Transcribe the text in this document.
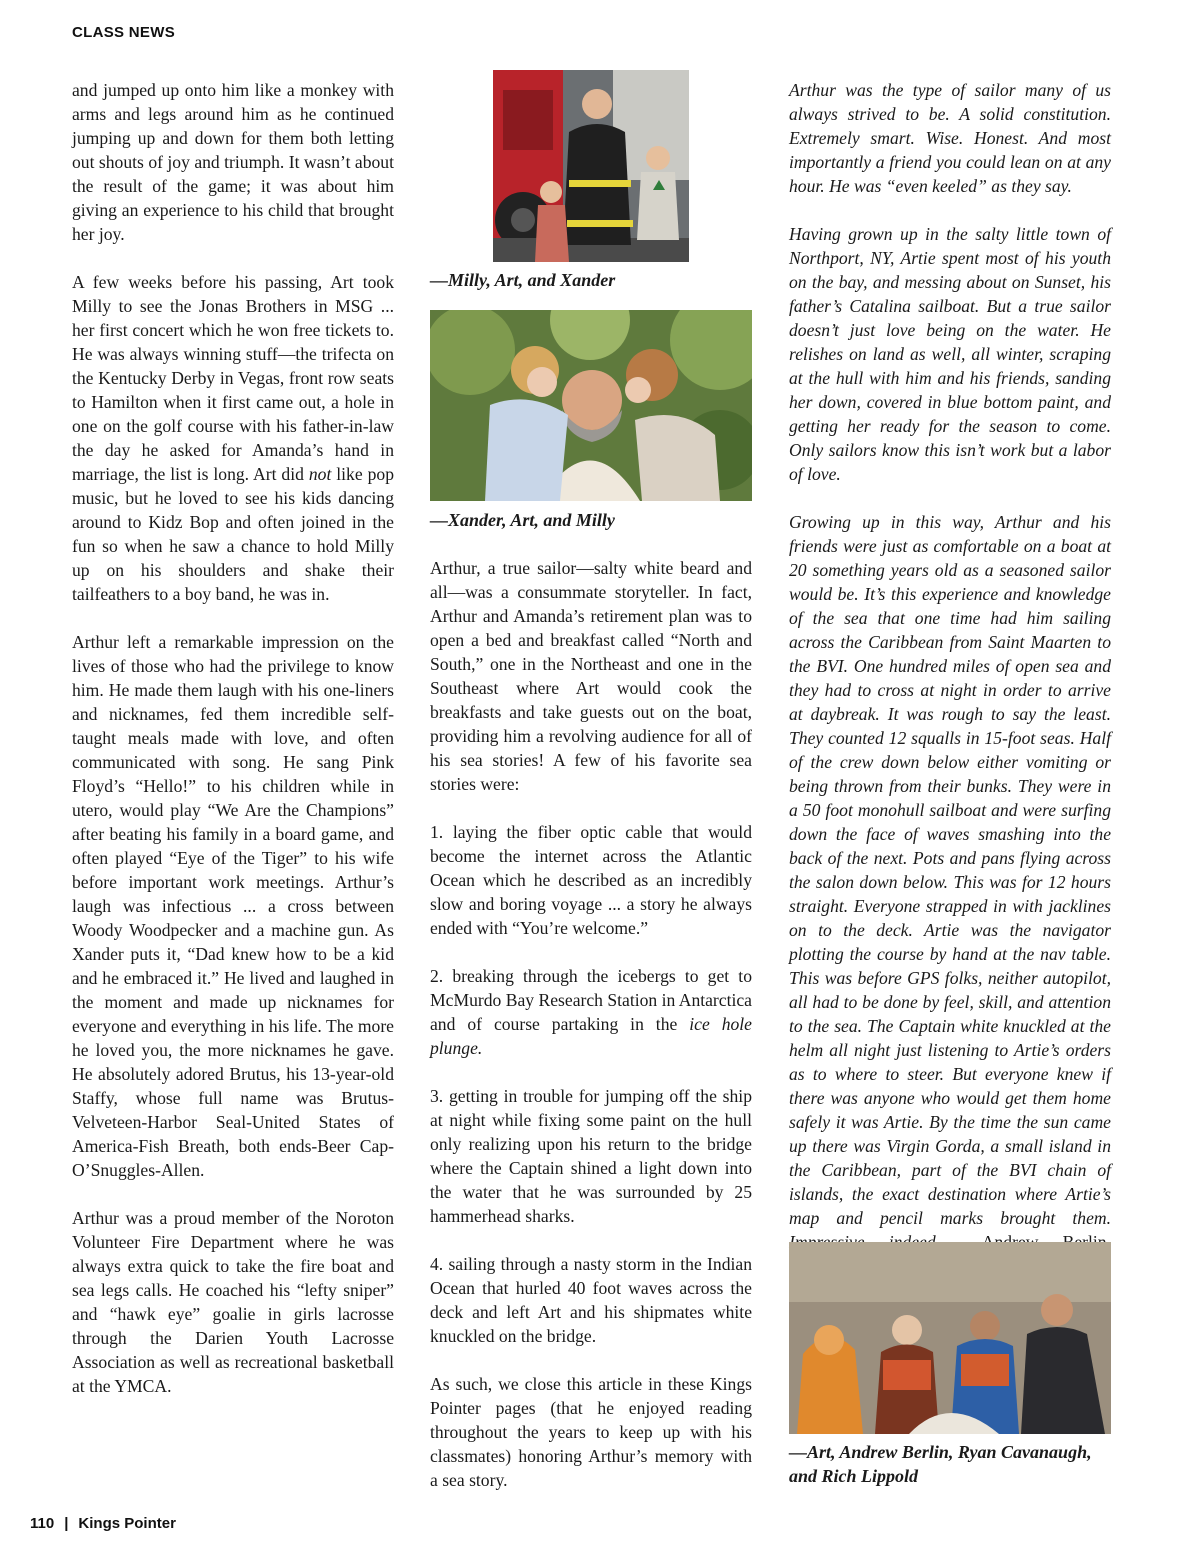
CLASS NEWS

and jumped up onto him like a monkey with arms and legs around him as he continued jumping up and down for them both letting out shouts of joy and triumph. It wasn’t about the result of the game; it was about him giving an experience to his child that brought her joy.

A few weeks before his passing, Art took Milly to see the Jonas Brothers in MSG ... her first concert which he won free tickets to. He was always winning stuff—the trifecta on the Kentucky Derby in Vegas, front row seats to Hamilton when it first came out, a hole in one on the golf course with his father-in-law the day he asked for Amanda’s hand in marriage, the list is long. Art did not like pop music, but he loved to see his kids dancing around to Kidz Bop and often joined in the fun so when he saw a chance to hold Milly up on his shoulders and shake their tailfeathers to a boy band, he was in.

Arthur left a remarkable impression on the lives of those who had the privilege to know him. He made them laugh with his one-liners and nicknames, fed them incredible self-taught meals made with love, and often communicated with song. He sang Pink Floyd’s “Hello!” to his children while in utero, would play “We Are the Champions” after beating his family in a board game, and often played “Eye of the Tiger” to his wife before important work meetings. Arthur’s laugh was infectious ... a cross between Woody Woodpecker and a machine gun. As Xander puts it, “Dad knew how to be a kid and he embraced it.” He lived and laughed in the moment and made up nicknames for everyone and everything in his life. The more he loved you, the more nicknames he gave. He absolutely adored Brutus, his 13-year-old Staffy, whose full name was Brutus-Velveteen-Harbor Seal-United States of America-Fish Breath, both ends-Beer Cap-O’Snuggles-Allen.

Arthur was a proud member of the Noroton Volunteer Fire Department where he was always extra quick to take the fire boat and sea legs calls. He coached his “lefty sniper” and “hawk eye” goalie in girls lacrosse through the Darien Youth Lacrosse Association as well as recreational basketball at the YMCA.

—Milly, Art, and Xander
—Xander, Art, and Milly

Arthur, a true sailor—salty white beard and all—was a consummate storyteller. In fact, Arthur and Amanda’s retirement plan was to open a bed and breakfast called “North and South,” one in the Northeast and one in the Southeast where Art would cook the breakfasts and take guests out on the boat, providing him a revolving audience for all of his sea stories! A few of his favorite sea stories were:

1. laying the fiber optic cable that would become the internet across the Atlantic Ocean which he described as an incredibly slow and boring voyage ... a story he always ended with “You’re welcome.”

2. breaking through the icebergs to get to McMurdo Bay Research Station in Antarctica and of course partaking in the ice hole plunge.

3. getting in trouble for jumping off the ship at night while fixing some paint on the hull only realizing upon his return to the bridge where the Captain shined a light down into the water that he was surrounded by 25 hammerhead sharks.

4. sailing through a nasty storm in the Indian Ocean that hurled 40 foot waves across the deck and left Art and his shipmates white knuckled on the bridge.

As such, we close this article in these Kings Pointer pages (that he enjoyed reading throughout the years to keep up with his classmates) honoring Arthur’s memory with a sea story.

Arthur was the type of sailor many of us always strived to be. A solid constitution. Extremely smart. Wise. Honest. And most importantly a friend you could lean on at any hour. He was “even keeled” as they say.

Having grown up in the salty little town of Northport, NY, Artie spent most of his youth on the bay, and messing about on Sunset, his father’s Catalina sailboat. But a true sailor doesn’t just love being on the water. He relishes on land as well, all winter, scraping at the hull with him and his friends, sanding her down, covered in blue bottom paint, and getting her ready for the season to come. Only sailors know this isn’t work but a labor of love.

Growing up in this way, Arthur and his friends were just as comfortable on a boat at 20 something years old as a seasoned sailor would be. It’s this experience and knowledge of the sea that one time had him sailing across the Caribbean from Saint Maarten to the BVI. One hundred miles of open sea and they had to cross at night in order to arrive at daybreak. It was rough to say the least. They counted 12 squalls in 15-foot seas. Half of the crew down below either vomiting or being thrown from their bunks. They were in a 50 foot monohull sailboat and were surfing down the face of waves smashing into the back of the next. Pots and pans flying across the salon down below. This was for 12 hours straight. Everyone strapped in with jacklines on to the deck. Artie was the navigator plotting the course by hand at the nav table. This was before GPS folks, neither autopilot, all had to be done by feel, skill, and attention to the sea. The Captain white knuckled at the helm all night just listening to Artie’s orders as to where to steer. But everyone knew if there was anyone who would get them home safely it was Artie. By the time the sun came up there was Virgin Gorda, a small island in the Caribbean, part of the BVI chain of islands, the exact destination where Artie’s map and pencil marks brought them.

—Art, Andrew Berlin, Ryan Cavanaugh, and Rich Lippold
110 | Kings Pointer
